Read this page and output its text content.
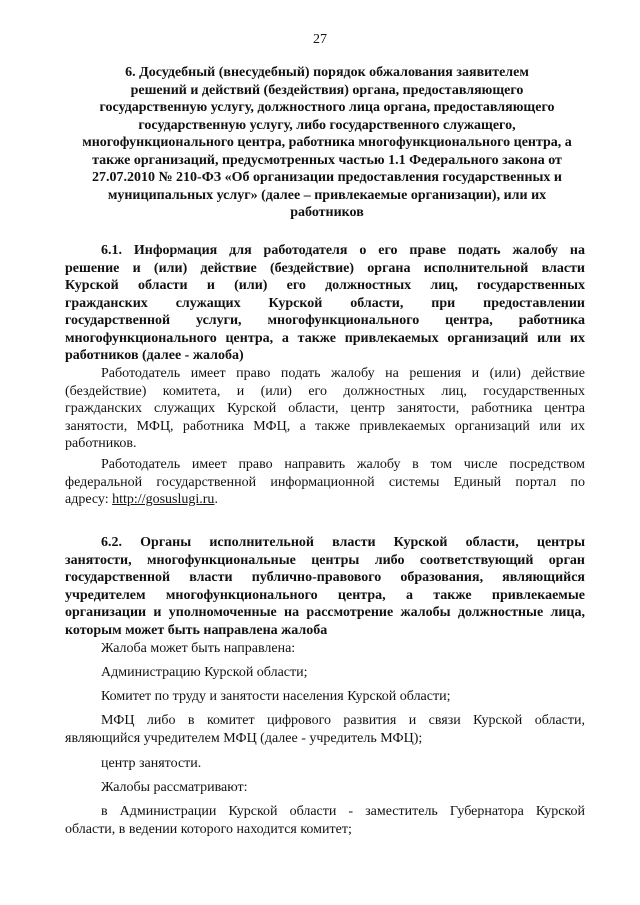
27
6. Досудебный (внесудебный) порядок обжалования заявителем
решений и действий (бездействия) органа, предоставляющего
государственную услугу, должностного лица органа, предоставляющего
государственную услугу, либо государственного служащего,
многофункционального центра, работника многофункционального центра, а
также организаций, предусмотренных частью 1.1 Федерального закона от
27.07.2010 № 210-ФЗ «Об организации предоставления государственных и
муниципальных услуг» (далее – привлекаемые организации), или их
работников
6.1. Информация для работодателя о его праве подать жалобу на
решение и (или) действие (бездействие) органа исполнительной власти
Курской области и (или) его должностных лиц, государственных
гражданских служащих Курской области, при предоставлении
государственной услуги, многофункционального центра, работника
многофункционального центра, а также привлекаемых организаций или их
работников (далее - жалоба)
Работодатель имеет право подать жалобу на решения и (или) действие
(бездействие) комитета, и (или) его должностных лиц, государственных
гражданских служащих Курской области, центр занятости, работника центра
занятости, МФЦ, работника МФЦ, а также привлекаемых организаций или их
работников.
Работодатель имеет право направить жалобу в том числе посредством
федеральной государственной информационной системы Единый портал по
адресу: http://gosuslugi.ru.
6.2. Органы исполнительной власти Курской области, центры
занятости, многофункциональные центры либо соответствующий орган
государственной власти публично-правового образования, являющийся
учредителем многофункционального центра, а также привлекаемые
организации и уполномоченные на рассмотрение жалобы должностные лица,
которым может быть направлена жалоба
Жалоба может быть направлена:
Администрацию Курской области;
Комитет по труду и занятости населения Курской области;
МФЦ либо в комитет цифрового развития и связи Курской области,
являющийся учредителем МФЦ (далее - учредитель МФЦ);
центр занятости.
Жалобы рассматривают:
в Администрации Курской области - заместитель Губернатора Курской
области, в ведении которого находится комитет;
